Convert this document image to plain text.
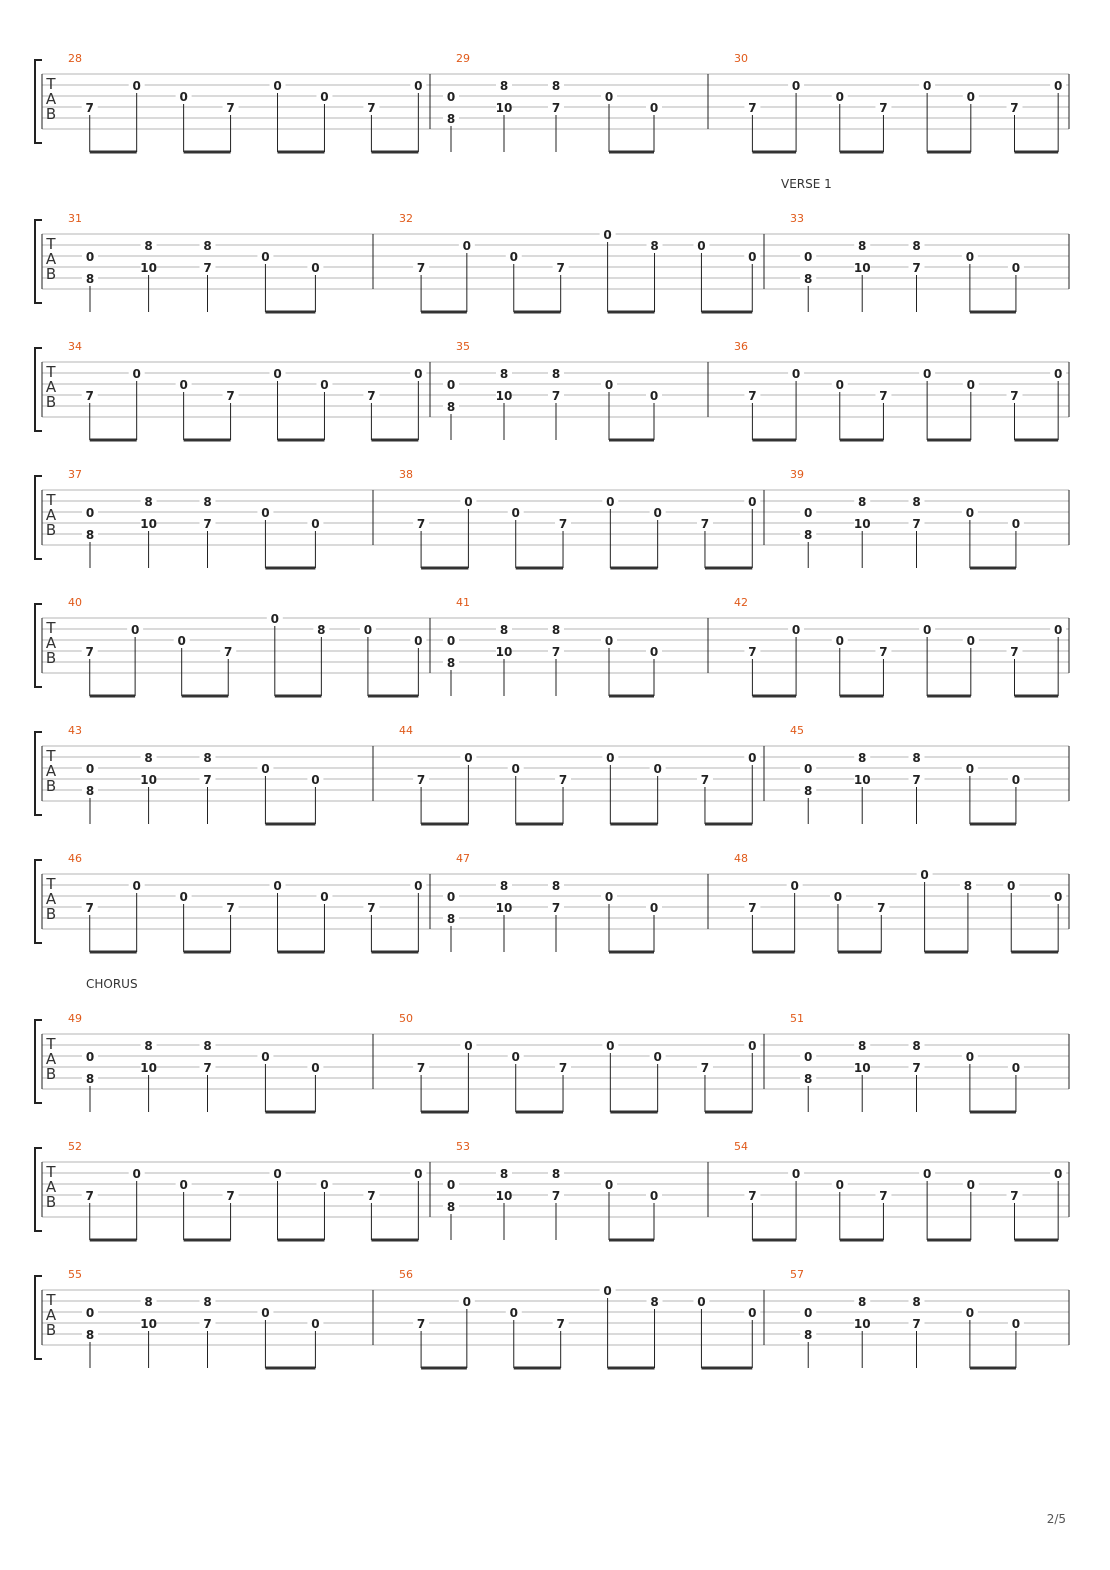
T
A
B
28
7
0
0
7
0
0
7
0
29
8
0
8
10
8
7
0
0
30
7
0
0
7
0
0
7
0
VERSE 1
T
A
B
31
8
0
8
10
8
7
0
0
32
7
0
0
7
0
8	0
0
33
8
0
8
10
8
7
0
0
T
A
B
34
7
0
0
7
0
0
7
0
35
8
0
8
10
8
7
0
0
36
7
0
0
7
0
0
7
0
T
A
B
37
8
0
8
10
8
7
0
0
38
7
0
0
7
0
0
7
0
39
8
0
8
10
8
7
0
0
T
A
B
40
7
0
0
7
0
8	0
0
41
8
0
8
10
8
7
0
0
42
7
0
0
7
0
0
7
0
T
A
B
43
8
0
8
10
8
7
0
0
44
7
0
0
7
0
0
7
0
45
8
0
8
10
8
7
0
0
T
A
B
46
7
0
0
7
0
0
7
0
47
8
0
8
10
8
7
0
0
48
7
0
0
7
0
8	0
0
CHORUS
T
A
B
49
8
0
8
10
8
7
0
0
50
7
0
0
7
0
0
7
0
51
8
0
8
10
8
7
0
0
T
A
B
52
7
0
0
7
0
0
7
0
53
8
0
8
10
8
7
0
0
54
7
0
0
7
0
0
7
0
T
A
B
55
8
0
8
10
8
7
0
0
56
7
0
0
7
0
8	0
0
57
8
0
8
10
8
7
0
0
2/5
